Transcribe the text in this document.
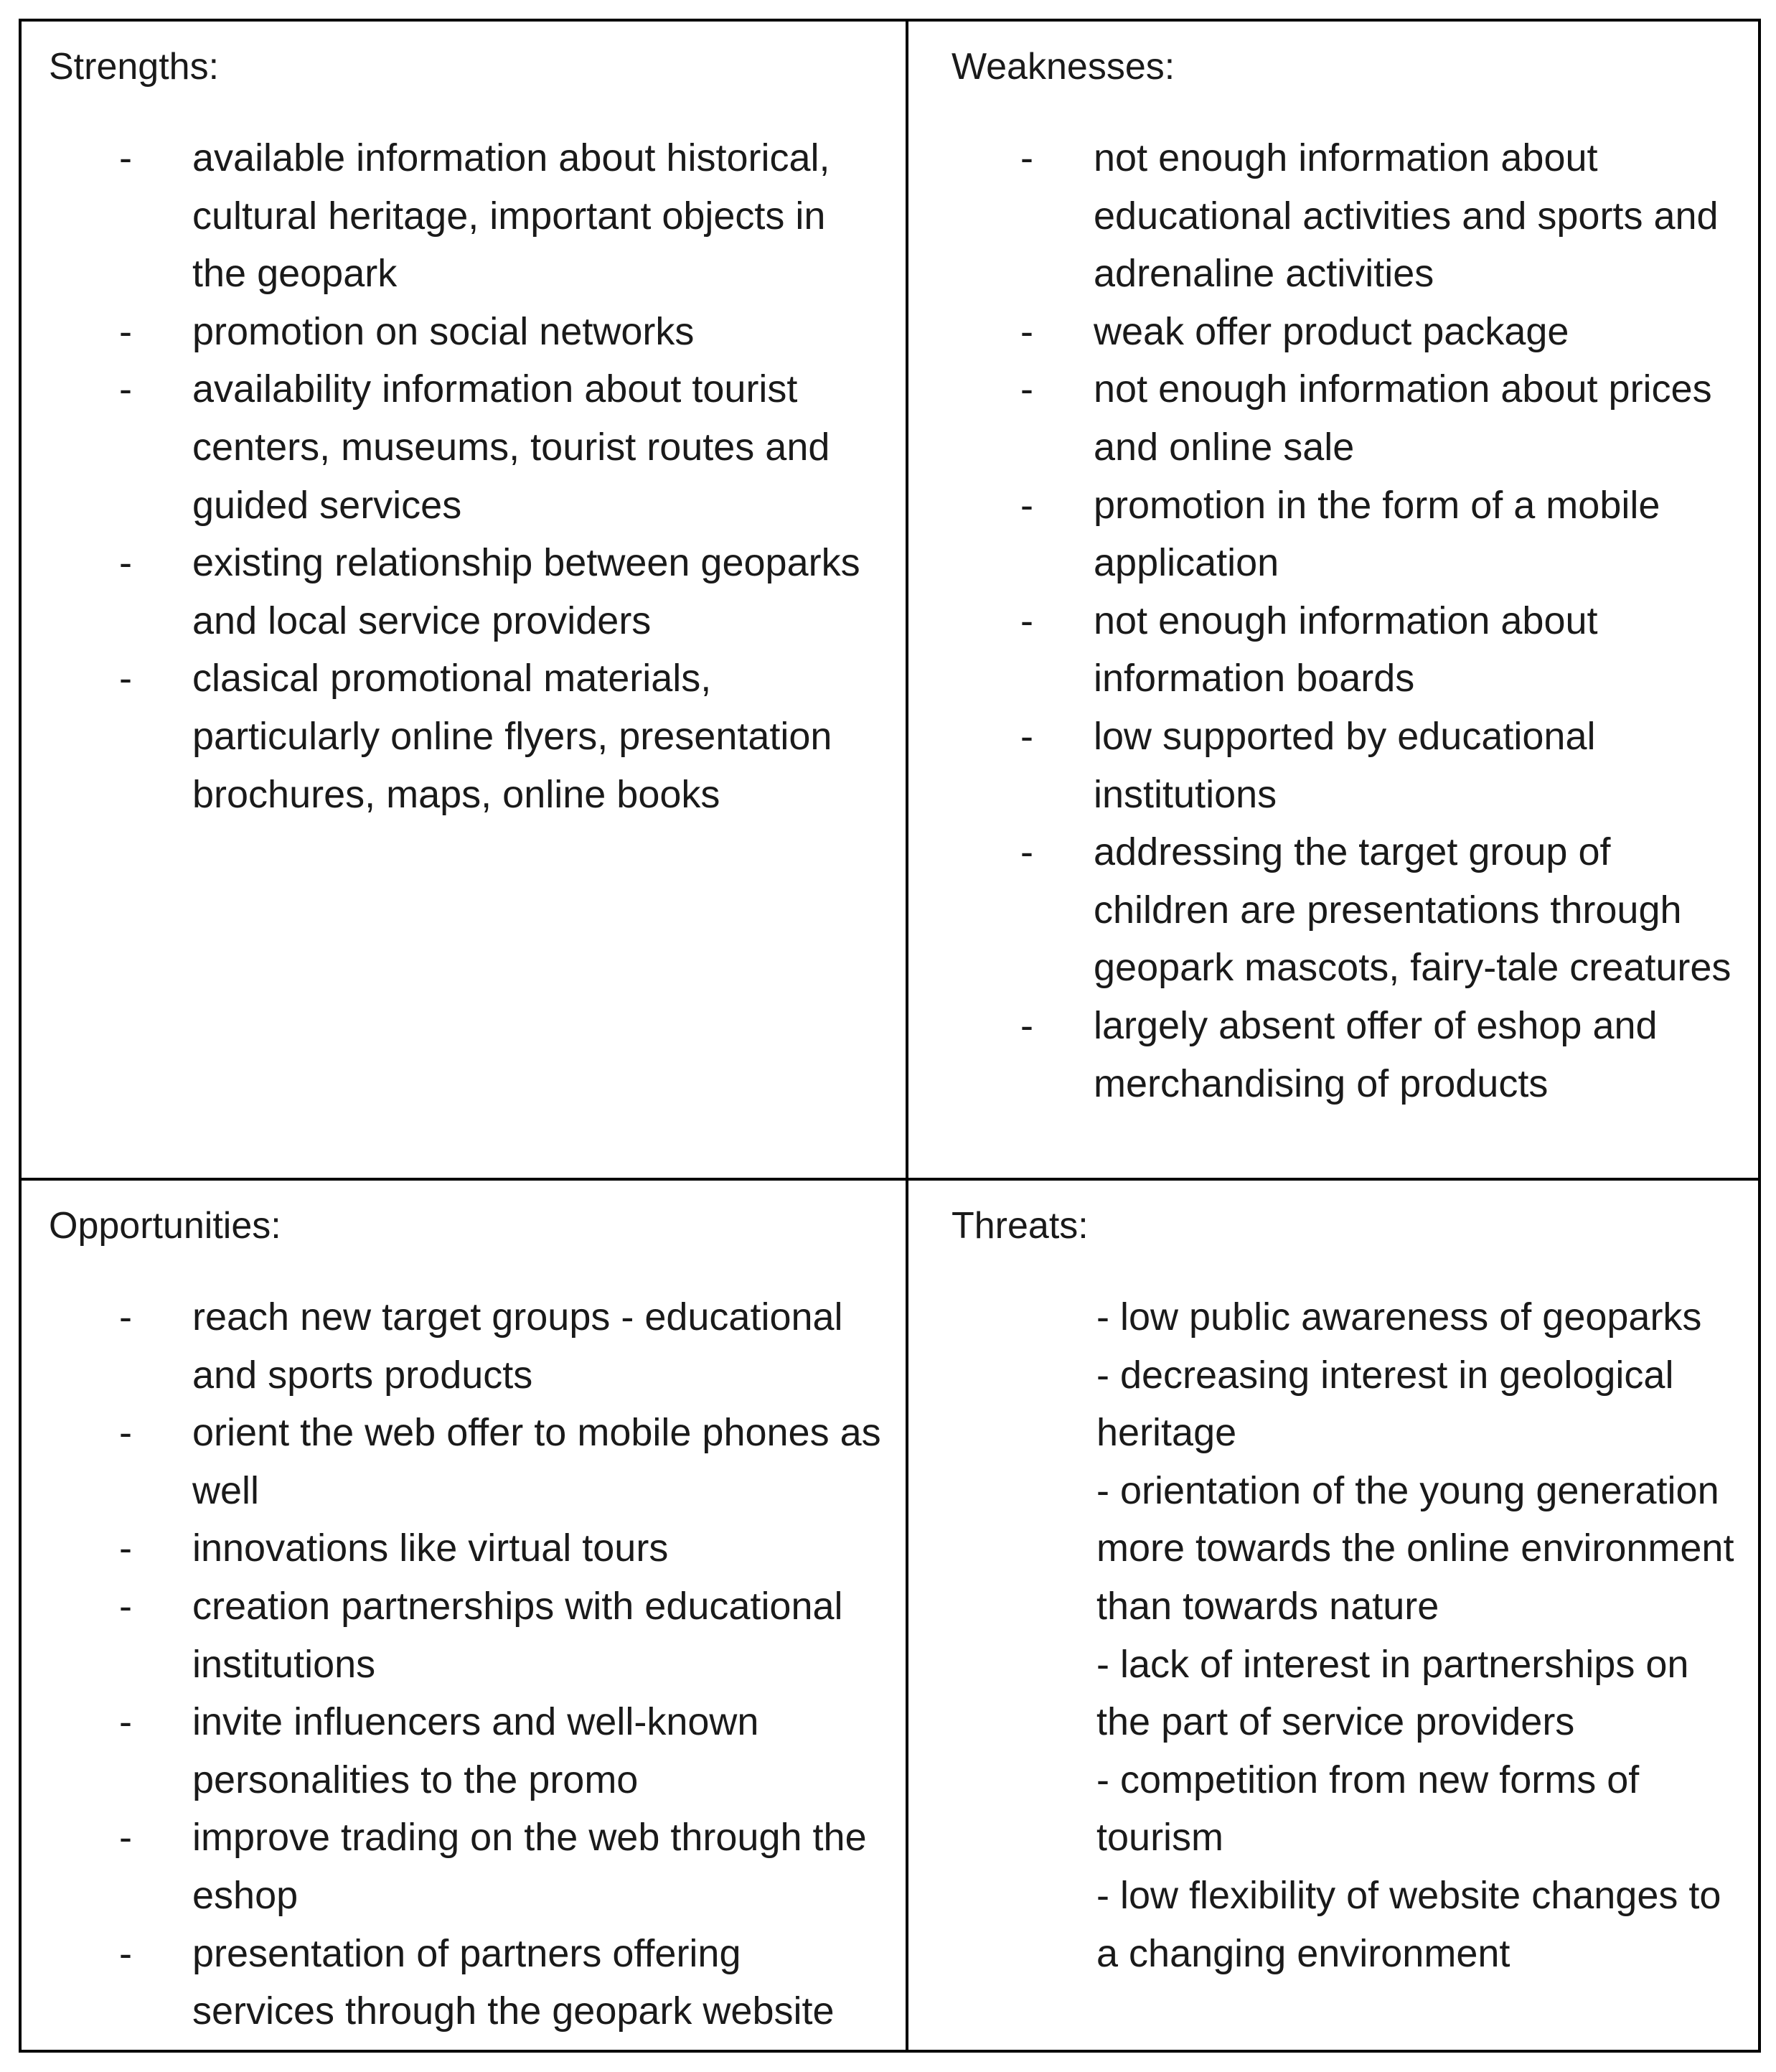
Strengths:
- available information about historical, cultural heritage, important objects in the geopark
- promotion on social networks
- availability information about tourist centers, museums, tourist routes and guided services
- existing relationship between geoparks and local service providers
- clasical promotional materials, particularly online flyers, presentation brochures, maps, online books
Weaknesses:
- not enough information about educational activities and sports and adrenaline activities
- weak offer product package
- not enough information about prices and online sale
- promotion in the form of a mobile application
- not enough information about information boards
- low supported by educational institutions
- addressing the target group of children are presentations through geopark mascots, fairy-tale creatures
- largely absent offer of eshop and merchandising of products
Opportunities:
- reach new target groups - educational and sports products
- orient the web offer to mobile phones as well
- innovations like virtual tours
- creation partnerships with educational institutions
- invite influencers and well-known personalities to the promo
- improve trading on the web through the eshop
- presentation of partners offering services through the geopark website
Threats:
- low public awareness of geoparks
- decreasing interest in geological heritage
- orientation of the young generation more towards the online environment than towards nature
- lack of interest in partnerships on the part of service providers
- competition from new forms of tourism
- low flexibility of website changes to a changing environment
